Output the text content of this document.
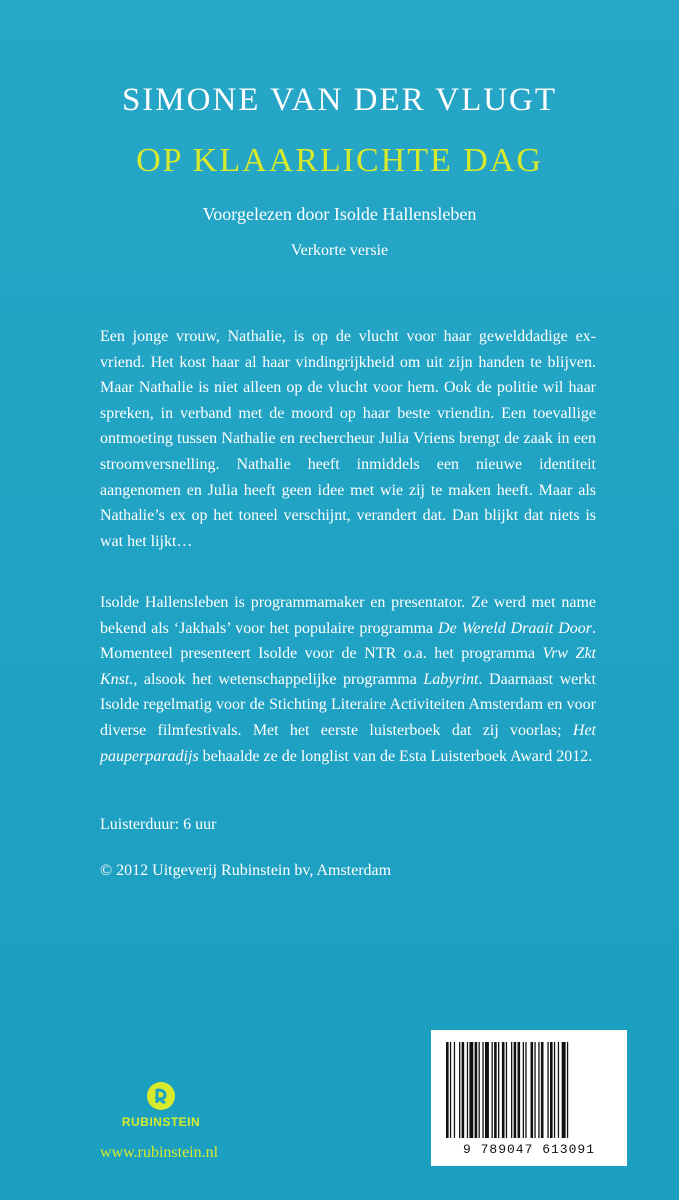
SIMONE VAN DER VLUGT
OP KLAARLICHTE DAG
Voorgelezen door Isolde Hallensleben
Verkorte versie
Een jonge vrouw, Nathalie, is op de vlucht voor haar gewelddadige ex-vriend. Het kost haar al haar vindingrijkheid om uit zijn handen te blijven. Maar Nathalie is niet alleen op de vlucht voor hem. Ook de politie wil haar spreken, in verband met de moord op haar beste vriendin. Een toevallige ontmoeting tussen Nathalie en rechercheur Julia Vriens brengt de zaak in een stroomversnelling. Nathalie heeft inmiddels een nieuwe identiteit aangenomen en Julia heeft geen idee met wie zij te maken heeft. Maar als Nathalie’s ex op het toneel verschijnt, verandert dat. Dan blijkt dat niets is wat het lijkt…
Isolde Hallensleben is programmamaker en presentator. Ze werd met name bekend als ‘Jakhals’ voor het populaire programma De Wereld Draait Door. Momenteel presenteert Isolde voor de NTR o.a. het programma Vrw Zkt Knst., alsook het wetenschappelijke programma Labyrint. Daarnaast werkt Isolde regelmatig voor de Stichting Literaire Activiteiten Amsterdam en voor diverse filmfestivals. Met het eerste luisterboek dat zij voorlas; Het pauperparadijs behaalde ze de longlist van de Esta Luisterboek Award 2012.
Luisterduur: 6 uur
© 2012 Uitgeverij Rubinstein bv, Amsterdam
RUBINSTEIN
www.rubinstein.nl	9 789047 613091
